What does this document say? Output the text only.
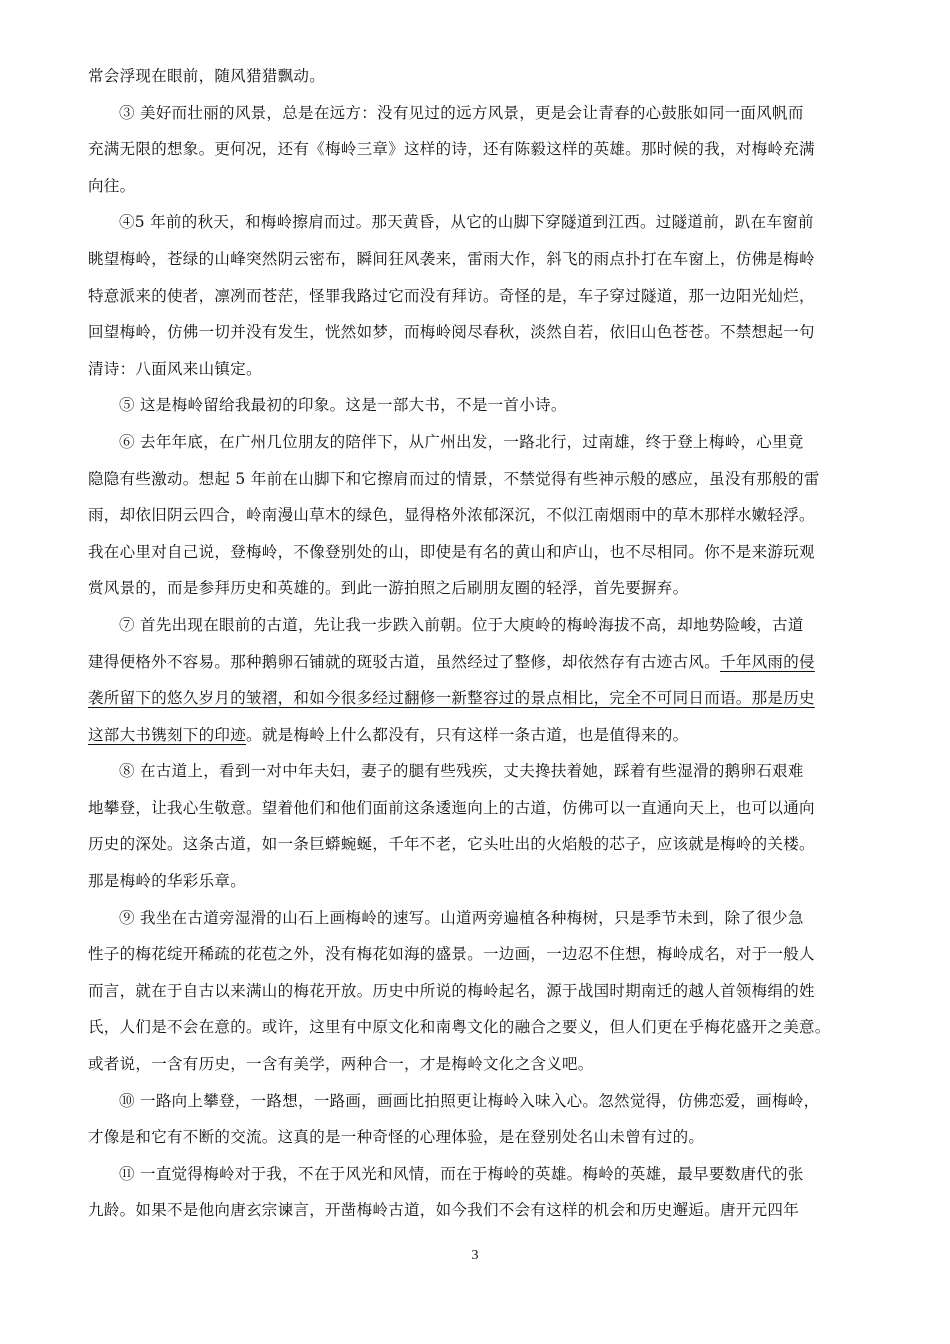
常会浮现在眼前，随风猎猎飘动。
③ 美好而壮丽的风景，总是在远方：没有见过的远方风景，更是会让青春的心鼓胀如同一面风帆而
充满无限的想象。更何况，还有《梅岭三章》这样的诗，还有陈毅这样的英雄。那时候的我，对梅岭充满
向往。
④5 年前的秋天，和梅岭擦肩而过。那天黄昏，从它的山脚下穿隧道到江西。过隧道前，趴在车窗前
眺望梅岭，苍绿的山峰突然阴云密布，瞬间狂风袭来，雷雨大作，斜飞的雨点扑打在车窗上，仿佛是梅岭
特意派来的使者，凛冽而苍茫，怪罪我路过它而没有拜访。奇怪的是，车子穿过隧道，那一边阳光灿烂，
回望梅岭，仿佛一切并没有发生，恍然如梦，而梅岭阅尽春秋，淡然自若，依旧山色苍苍。不禁想起一句
清诗：八面风来山镇定。
⑤ 这是梅岭留给我最初的印象。这是一部大书，不是一首小诗。
⑥ 去年年底，在广州几位朋友的陪伴下，从广州出发，一路北行，过南雄，终于登上梅岭，心里竟
隐隐有些激动。想起 5 年前在山脚下和它擦肩而过的情景，不禁觉得有些神示般的感应，虽没有那般的雷
雨，却依旧阴云四合，岭南漫山草木的绿色，显得格外浓郁深沉，不似江南烟雨中的草木那样水嫩轻浮。
我在心里对自己说，登梅岭，不像登别处的山，即使是有名的黄山和庐山，也不尽相同。你不是来游玩观
赏风景的，而是参拜历史和英雄的。到此一游拍照之后刷朋友圈的轻浮，首先要摒弃。
⑦ 首先出现在眼前的古道，先让我一步跌入前朝。位于大庾岭的梅岭海拔不高，却地势险峻，古道
建得便格外不容易。那种鹅卵石铺就的斑驳古道，虽然经过了整修，却依然存有古迹古风。千年风雨的侵
袭所留下的悠久岁月的皱褶，和如今很多经过翻修一新整容过的景点相比，完全不可同日而语。那是历史
这部大书镌刻下的印迹。就是梅岭上什么都没有，只有这样一条古道，也是值得来的。
⑧ 在古道上，看到一对中年夫妇，妻子的腿有些残疾，丈夫搀扶着她，踩着有些湿滑的鹅卵石艰难
地攀登，让我心生敬意。望着他们和他们面前这条逶迤向上的古道，仿佛可以一直通向天上，也可以通向
历史的深处。这条古道，如一条巨蟒蜿蜒，千年不老，它头吐出的火焰般的芯子，应该就是梅岭的关楼。
那是梅岭的华彩乐章。
⑨ 我坐在古道旁湿滑的山石上画梅岭的速写。山道两旁遍植各种梅树，只是季节未到，除了很少急
性子的梅花绽开稀疏的花苞之外，没有梅花如海的盛景。一边画，一边忍不住想，梅岭成名，对于一般人
而言，就在于自古以来满山的梅花开放。历史中所说的梅岭起名，源于战国时期南迁的越人首领梅绢的姓
氏，人们是不会在意的。或许，这里有中原文化和南粤文化的融合之要义，但人们更在乎梅花盛开之美意。
或者说，一含有历史，一含有美学，两种合一，才是梅岭文化之含义吧。
⑩ 一路向上攀登，一路想，一路画，画画比拍照更让梅岭入味入心。忽然觉得，仿佛恋爱，画梅岭，
才像是和它有不断的交流。这真的是一种奇怪的心理体验，是在登别处名山未曾有过的。
⑪ 一直觉得梅岭对于我，不在于风光和风情，而在于梅岭的英雄。梅岭的英雄，最早要数唐代的张
九龄。如果不是他向唐玄宗谏言，开凿梅岭古道，如今我们不会有这样的机会和历史邂逅。唐开元四年
3
